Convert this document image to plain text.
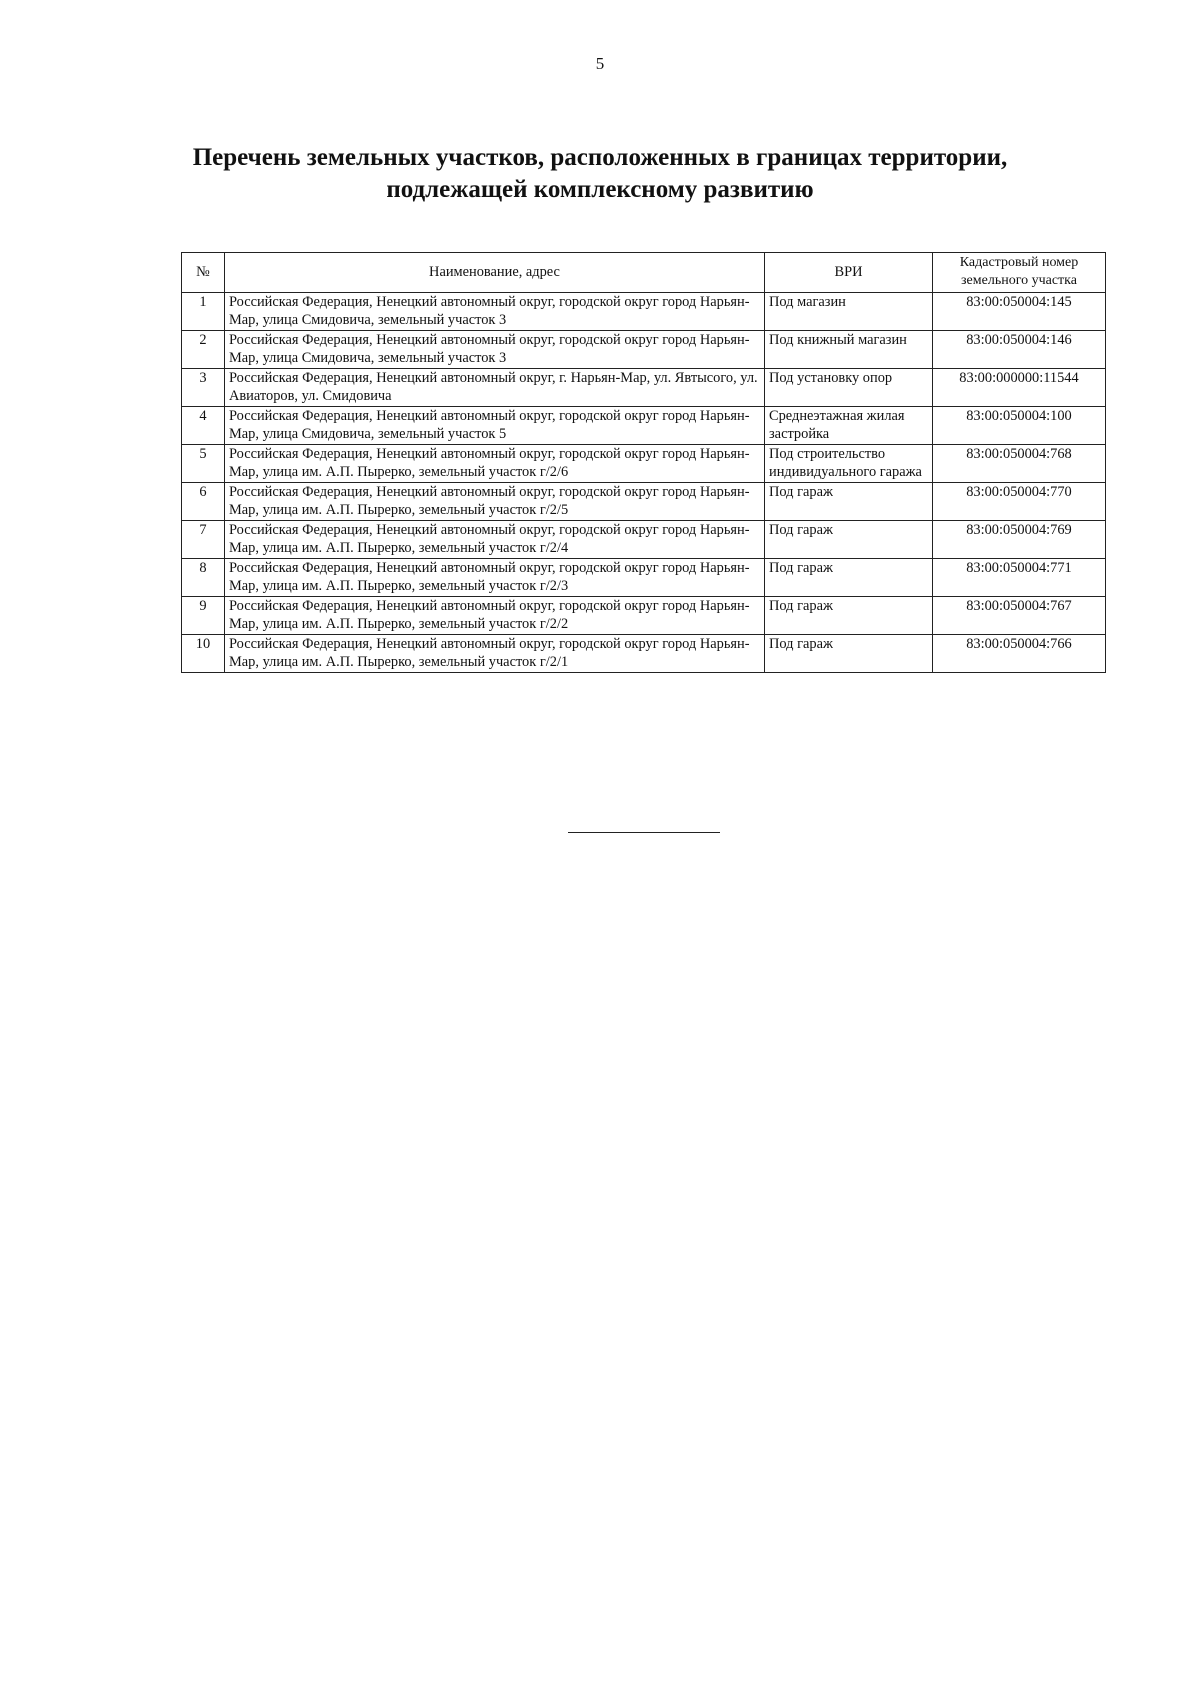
5
Перечень земельных участков, расположенных в границах территории,
подлежащей комплексному развитию
№	Наименование, адрес	ВРИ	Кадастровый номер земельного участка
1	Российская Федерация, Ненецкий автономный округ, городской округ город Нарьян-Мар, улица Смидовича, земельный участок 3	Под магазин	83:00:050004:145
2	Российская Федерация, Ненецкий автономный округ, городской округ город Нарьян-Мар, улица Смидовича, земельный участок 3	Под книжный магазин	83:00:050004:146
3	Российская Федерация, Ненецкий автономный округ, г. Нарьян-Мар, ул. Явтысого, ул. Авиаторов, ул. Смидовича	Под установку опор	83:00:000000:11544
4	Российская Федерация, Ненецкий автономный округ, городской округ город Нарьян-Мар, улица Смидовича, земельный участок 5	Среднеэтажная жилая застройка	83:00:050004:100
5	Российская Федерация, Ненецкий автономный округ, городской округ город Нарьян-Мар, улица им. А.П. Пырерко, земельный участок г/2/6	Под строительство индивидуального гаража	83:00:050004:768
6	Российская Федерация, Ненецкий автономный округ, городской округ город Нарьян-Мар, улица им. А.П. Пырерко, земельный участок г/2/5	Под гараж	83:00:050004:770
7	Российская Федерация, Ненецкий автономный округ, городской округ город Нарьян-Мар, улица им. А.П. Пырерко, земельный участок г/2/4	Под гараж	83:00:050004:769
8	Российская Федерация, Ненецкий автономный округ, городской округ город Нарьян-Мар, улица им. А.П. Пырерко, земельный участок г/2/3	Под гараж	83:00:050004:771
9	Российская Федерация, Ненецкий автономный округ, городской округ город Нарьян-Мар, улица им. А.П. Пырерко, земельный участок г/2/2	Под гараж	83:00:050004:767
10	Российская Федерация, Ненецкий автономный округ, городской округ город Нарьян-Мар, улица им. А.П. Пырерко, земельный участок г/2/1	Под гараж	83:00:050004:766
